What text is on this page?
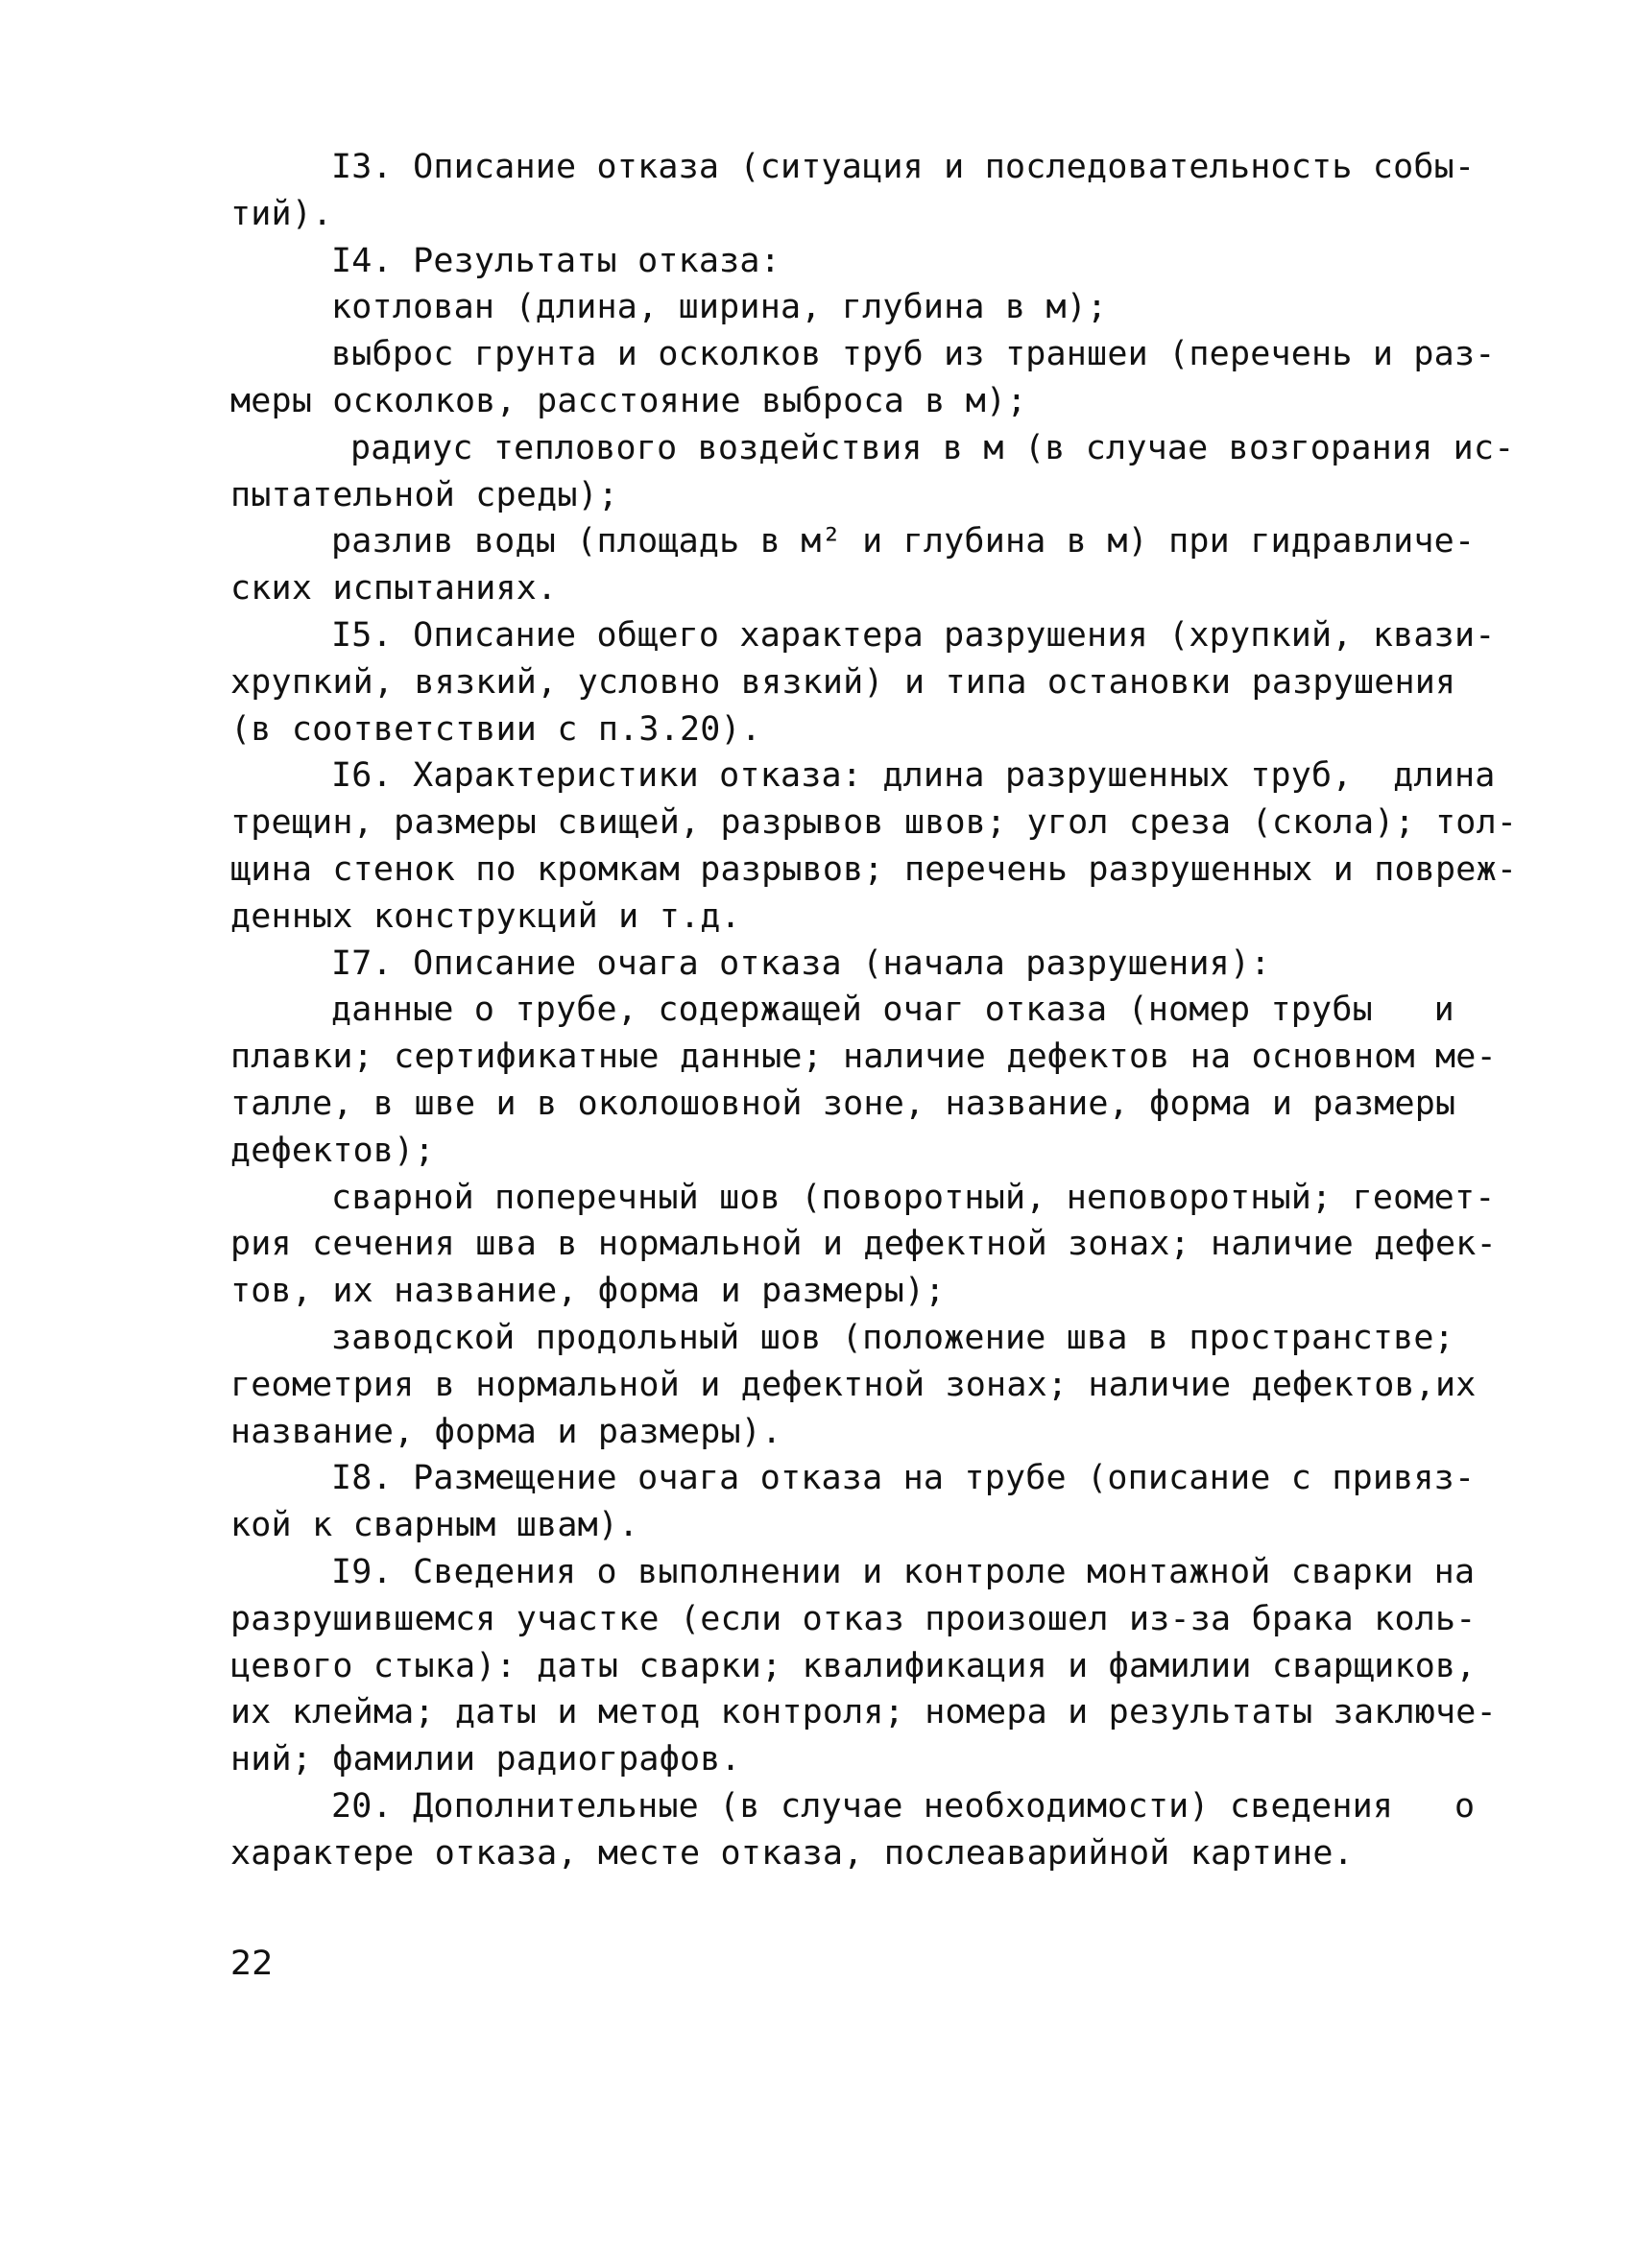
I3. Описание отказа (ситуация и последовательность собы-
тий).
I4. Результаты отказа:
котлован (длина, ширина, глубина в м);
выброс грунта и осколков труб из траншеи (перечень и раз-
меры осколков, расстояние выброса в м);
радиус теплового воздействия в м (в случае возгорания ис-
пытательной среды);
разлив воды (площадь в м² и глубина в м) при гидравличе-
ских испытаниях.
I5. Описание общего характера разрушения (хрупкий, квази-
хрупкий, вязкий, условно вязкий) и типа остановки разрушения
(в соответствии с п.3.20).
I6. Характеристики отказа: длина разрушенных труб,  длина
трещин, размеры свищей, разрывов швов; угол среза (скола); тол-
щина стенок по кромкам разрывов; перечень разрушенных и повреж-
денных конструкций и т.д.
I7. Описание очага отказа (начала разрушения):
данные о трубе, содержащей очаг отказа (номер трубы   и
плавки; сертификатные данные; наличие дефектов на основном ме-
талле, в шве и в околошовной зоне, название, форма и размеры
дефектов);
сварной поперечный шов (поворотный, неповоротный; геомет-
рия сечения шва в нормальной и дефектной зонах; наличие дефек-
тов, их название, форма и размеры);
заводской продольный шов (положение шва в пространстве;
геометрия в нормальной и дефектной зонах; наличие дефектов,их
название, форма и размеры).
I8. Размещение очага отказа на трубе (описание с привяз-
кой к сварным швам).
I9. Сведения о выполнении и контроле монтажной сварки на
разрушившемся участке (если отказ произошел из-за брака коль-
цевого стыка): даты сварки; квалификация и фамилии сварщиков,
их клейма; даты и метод контроля; номера и результаты заключе-
ний; фамилии радиографов.
20. Дополнительные (в случае необходимости) сведения   о
характере отказа, месте отказа, послеаварийной картине.
22
